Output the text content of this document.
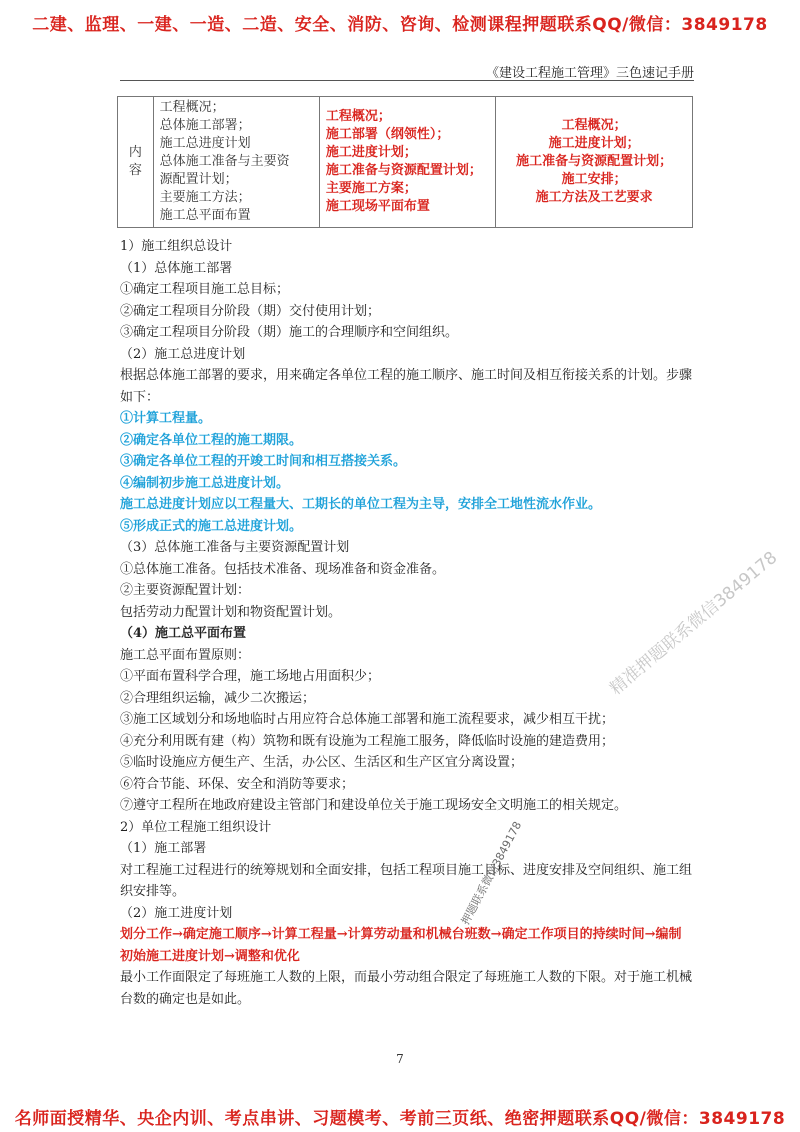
二建、监理、一建、一造、二造、安全、消防、咨询、检测课程押题联系QQ/微信：3849178
《建设工程施工管理》三色速记手册
内
容

工程概况；
总体施工部署；
施工总进度计划
总体施工准备与主要资
源配置计划；
主要施工方法；
施工总平面布置

工程概况；
施工部署（纲领性）；
施工进度计划；
施工准备与资源配置计划；
主要施工方案；
施工现场平面布置

工程概况；
施工进度计划；
施工准备与资源配置计划；
施工安排；
施工方法及工艺要求
1）施工组织总设计
（1）总体施工部署
①确定工程项目施工总目标；
②确定工程项目分阶段（期）交付使用计划；
③确定工程项目分阶段（期）施工的合理顺序和空间组织。
（2）施工总进度计划
根据总体施工部署的要求，用来确定各单位工程的施工顺序、施工时间及相互衔接关系的计划。步骤如下：
①计算工程量。
②确定各单位工程的施工期限。
③确定各单位工程的开竣工时间和相互搭接关系。
④编制初步施工总进度计划。
施工总进度计划应以工程量大、工期长的单位工程为主导，安排全工地性流水作业。
⑤形成正式的施工总进度计划。
（3）总体施工准备与主要资源配置计划
①总体施工准备。包括技术准备、现场准备和资金准备。
②主要资源配置计划：
包括劳动力配置计划和物资配置计划。
（4）施工总平面布置
施工总平面布置原则：
①平面布置科学合理，施工场地占用面积少；
②合理组织运输，减少二次搬运；
③施工区域划分和场地临时占用应符合总体施工部署和施工流程要求，减少相互干扰；
④充分利用既有建（构）筑物和既有设施为工程施工服务，降低临时设施的建造费用；
⑤临时设施应方便生产、生活，办公区、生活区和生产区宜分离设置；
⑥符合节能、环保、安全和消防等要求；
⑦遵守工程所在地政府建设主管部门和建设单位关于施工现场安全文明施工的相关规定。
2）单位工程施工组织设计
（1）施工部署
对工程施工过程进行的统筹规划和全面安排，包括工程项目施工目标、进度安排及空间组织、施工组织安排等。
（2）施工进度计划
划分工作→确定施工顺序→计算工程量→计算劳动量和机械台班数→确定工作项目的持续时间→编制初始施工进度计划→调整和优化
最小工作面限定了每班施工人数的上限，而最小劳动组合限定了每班施工人数的下限。对于施工机械台数的确定也是如此。
7
精准押题联系微信3849178
押题联系微信3849178
名师面授精华、央企内训、考点串讲、习题模考、考前三页纸、绝密押题联系QQ/微信：3849178
